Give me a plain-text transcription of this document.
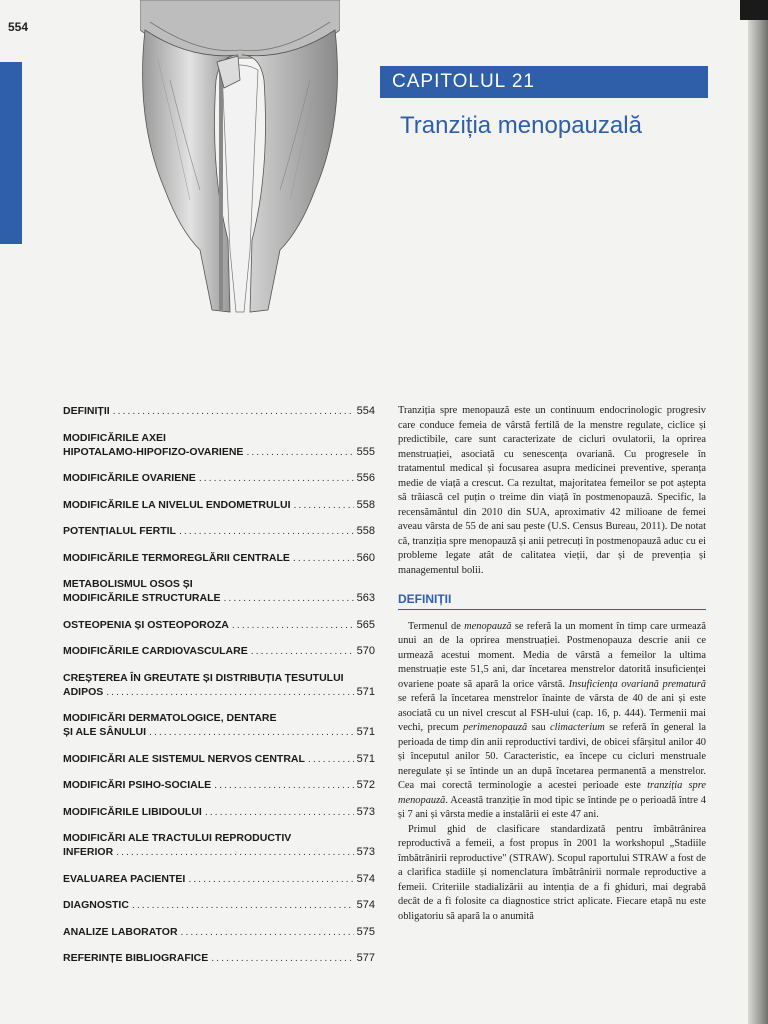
554
CAPITOLUL 21
Tranziția menopauzală
DEFINIȚII .....	554
MODIFICĂRILE AXEI
HIPOTALAMO-HIPOFIZO-OVARIENE .....	555
MODIFICĂRILE OVARIENE .....	556
MODIFICĂRILE LA NIVELUL ENDOMETRULUI .....	558
POTENȚIALUL FERTIL .....	558
MODIFICĂRILE TERMOREGLĂRII CENTRALE .....	560
METABOLISMUL OSOS ȘI
MODIFICĂRILE STRUCTURALE .....	563
OSTEOPENIA ȘI OSTEOPOROZA .....	565
MODIFICĂRILE CARDIOVASCULARE .....	570
CREȘTEREA ÎN GREUTATE ȘI DISTRIBUȚIA ȚESUTULUI
ADIPOS .....	571
MODIFICĂRI DERMATOLOGICE, DENTARE
ȘI ALE SÂNULUI .....	571
MODIFICĂRI ALE SISTEMUL NERVOS CENTRAL .....	571
MODIFICĂRI PSIHO-SOCIALE .....	572
MODIFICĂRILE LIBIDOULUI .....	573
MODIFICĂRI ALE TRACTULUI REPRODUCTIV
INFERIOR .....	573
EVALUAREA PACIENTEI .....	574
DIAGNOSTIC .....	574
ANALIZE LABORATOR .....	575
REFERINȚE BIBLIOGRAFICE .....	577

Tranziția spre menopauză este un continuum endocrinologic progresiv care conduce femeia de vârstă fertilă de la menstre regulate, ciclice și predictibile, care sunt caracterizate de cicluri ovulatorii, la oprirea menstruației, asociată cu senescența ovariană. Cu progresele în tratamentul medical și focusarea asupra medicinei preventive, speranța medie de viață a crescut. Ca rezultat, majoritatea femeilor se pot aștepta să trăiască cel puțin o treime din viață în postmenopauză. Specific, la recensământul din 2010 din SUA, aproximativ 42 milioane de femei aveau vârsta de 55 de ani sau peste (U.S. Census Bureau, 2011). De notat că, tranziția spre menopauză și anii petrecuți în postmenopauză aduc cu ei probleme legate atât de calitatea vieții, dar și de prevenția și managementul bolii.

DEFINIȚII

Termenul de menopauză se referă la un moment în timp care urmează unui an de la oprirea menstruației. Postmenopauza descrie anii ce urmează acestui moment. Media de vârstă a femeilor la ultima menstruație este 51,5 ani, dar încetarea menstrelor datorită insuficienței ovariene poate să apară la orice vârstă. Insuficiența ovariană prematură se referă la încetarea menstrelor înainte de vârsta de 40 de ani și este asociată cu un nivel crescut al FSH-ului (cap. 16, p. 444). Termenii mai vechi, precum perimenopauză sau climacterium se referă în general la perioada de timp din anii reproductivi tardivi, de obicei sfârșitul anilor 40 și începutul anilor 50. Caracteristic, ea începe cu cicluri menstruale neregulate și se întinde un an după încetarea permanentă a menstrelor. Cea mai corectă terminologie a acestei perioade este tranziția spre menopauză. Această tranziție în mod tipic se întinde pe o perioadă între 4 și 7 ani și vârsta medie a instalării ei este 47 ani.

Primul ghid de clasificare standardizată pentru îmbătrânirea reproductivă a femeii, a fost propus în 2001 la workshopul „Stadiile îmbătrânirii reproductive" (STRAW). Scopul raportului STRAW a fost de a clarifica stadiile și nomenclatura îmbătrânirii normale reproductive a femeii. Criteriile stadializării au intenția de a fi ghiduri, mai degrabă decât de a fi folosite ca diagnostice strict aplicate. Fiecare etapă nu este obligatoriu să apară la o anumită
